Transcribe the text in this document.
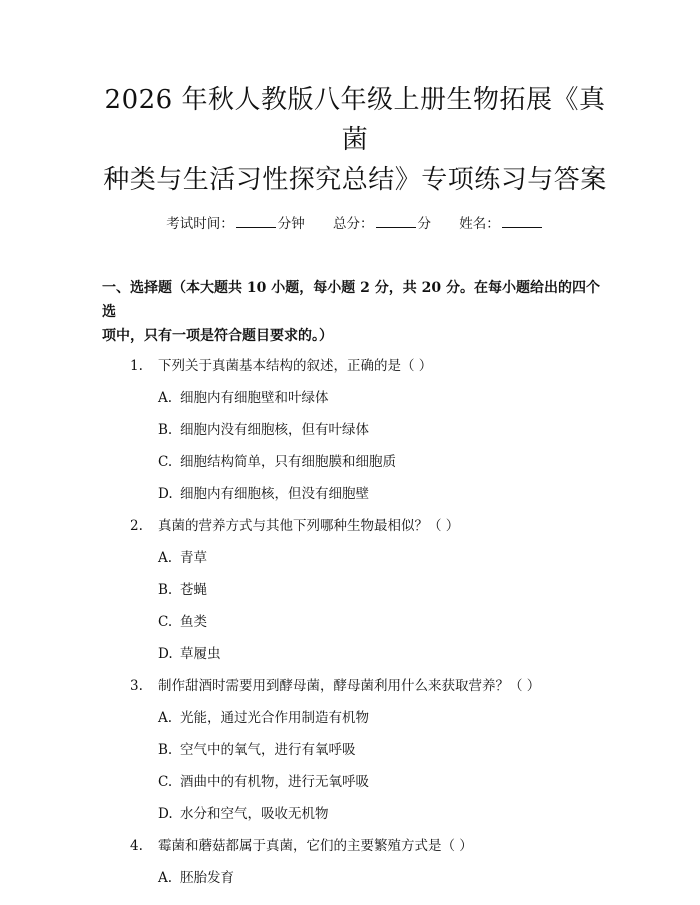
2026 年秋人教版八年级上册生物拓展《真菌
种类与生活习性探究总结》专项练习与答案
考试时间：	分钟 总分：	分 姓名：
一、选择题（本大题共 10 小题，每小题 2 分，共 20 分。在每小题给出的四个选
项中，只有一项是符合题目要求的。）
1.	下列关于真菌基本结构的叙述，正确的是（ ）
A. 细胞内有细胞壁和叶绿体
B. 细胞内没有细胞核，但有叶绿体
C. 细胞结构简单，只有细胞膜和细胞质
D. 细胞内有细胞核，但没有细胞壁
2.	真菌的营养方式与其他下列哪种生物最相似？（ ）
A. 青草
B. 苍蝇
C. 鱼类
D. 草履虫
3.	制作甜酒时需要用到酵母菌，酵母菌利用什么来获取营养？（ ）
A. 光能，通过光合作用制造有机物
B. 空气中的氧气，进行有氧呼吸
C. 酒曲中的有机物，进行无氧呼吸
D. 水分和空气，吸收无机物
4.	霉菌和蘑菇都属于真菌，它们的主要繁殖方式是（ ）
A. 胚胎发育
